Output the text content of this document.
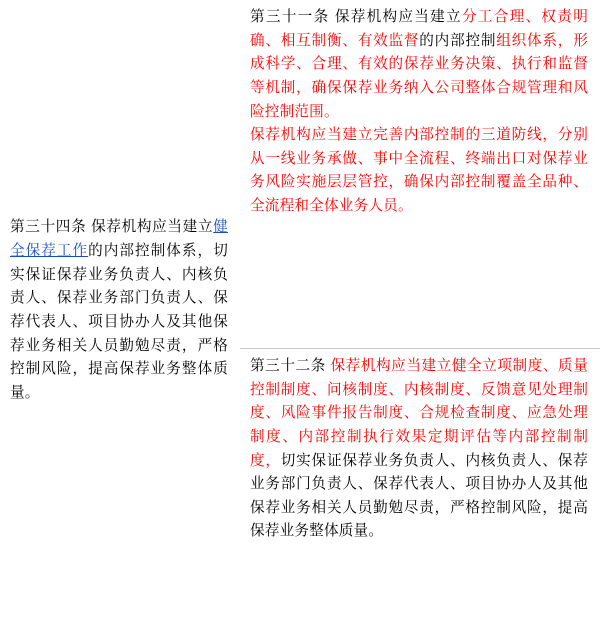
第三十四条 保荐机构应当建立健全保荐工作的内部控制体系，切实保证保荐业务负责人、内核负责人、保荐业务部门负责人、保荐代表人、项目协办人及其他保荐业务相关人员勤勉尽责，严格控制风险，提高保荐业务整体质量。

第三十一条 保荐机构应当建立分工合理、权责明确、相互制衡、有效监督的内部控制组织体系，形成科学、合理、有效的保荐业务决策、执行和监督等机制，确保保荐业务纳入公司整体合规管理和风险控制范围。

保荐机构应当建立完善内部控制的三道防线，分别从一线业务承做、事中全流程、终端出口对保荐业务风险实施层层管控，确保内部控制覆盖全品种、全流程和全体业务人员。

第三十二条 保荐机构应当建立健全立项制度、质量控制制度、问核制度、内核制度、反馈意见处理制度、风险事件报告制度、合规检查制度、应急处理制度、内部控制执行效果定期评估等内部控制制度，切实保证保荐业务负责人、内核负责人、保荐业务部门负责人、保荐代表人、项目协办人及其他保荐业务相关人员勤勉尽责，严格控制风险，提高保荐业务整体质量。
